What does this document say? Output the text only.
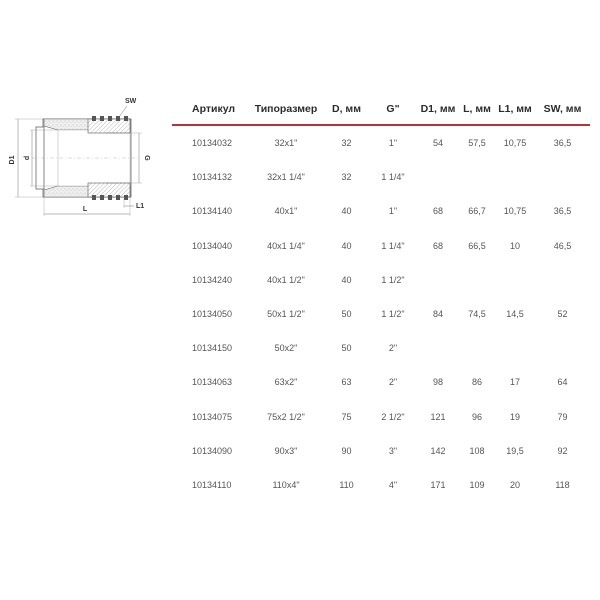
D1 d	G
SW
L	L1
Артикул	Типоразмер	D, мм	G"	D1, мм	L, мм	L1, мм	SW, мм
10134032	32x1"	32	1"	54	57,5	10,75	36,5
10134132	32x1 1/4"	32	1 1/4"				
10134140	40x1"	40	1"	68	66,7	10,75	36,5
10134040	40x1 1/4"	40	1 1/4"	68	66,5	10	46,5
10134240	40x1 1/2"	40	1 1/2"				
10134050	50x1 1/2"	50	1 1/2"	84	74,5	14,5	52
10134150	50x2"	50	2"				
10134063	63x2"	63	2"	98	86	17	64
10134075	75x2 1/2"	75	2 1/2"	121	96	19	79
10134090	90x3"	90	3"	142	108	19,5	92
10134110	110x4"	110	4"	171	109	20	118
